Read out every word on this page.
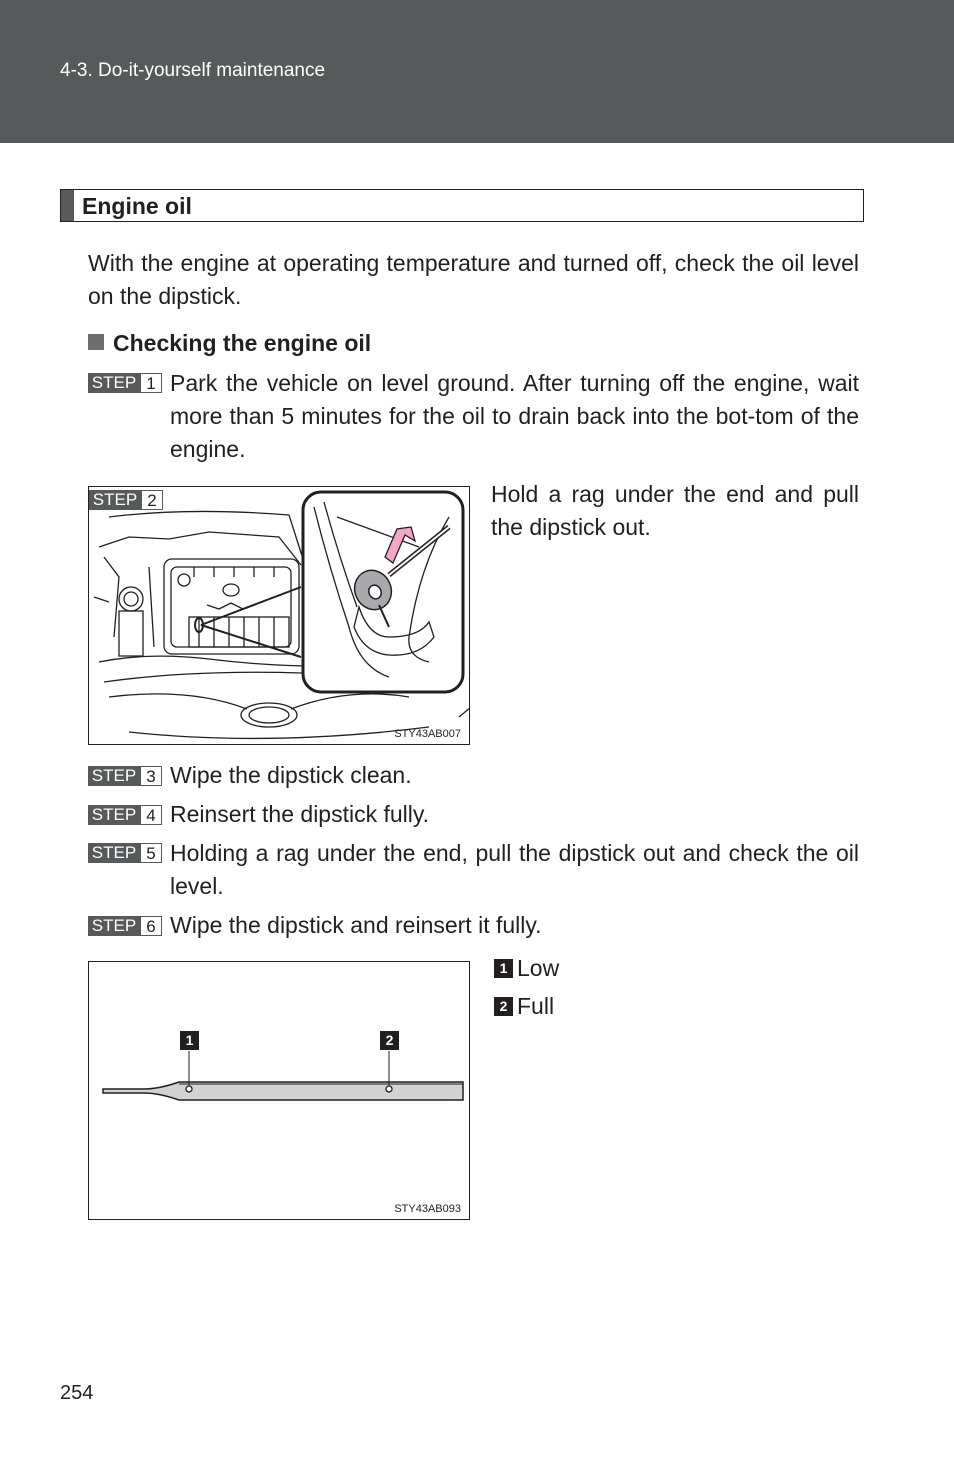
4-3. Do-it-yourself maintenance
Engine oil
With the engine at operating temperature and turned off, check the oil level on the dipstick.
Checking the engine oil
STEP 1 Park the vehicle on level ground. After turning off the engine, wait more than 5 minutes for the oil to drain back into the bot-tom of the engine.
STEP 2
STY43AB007
Hold a rag under the end and pull the dipstick out.
STEP 3 Wipe the dipstick clean.
STEP 4 Reinsert the dipstick fully.
STEP 5 Holding a rag under the end, pull the dipstick out and check the oil level.
STEP 6 Wipe the dipstick and reinsert it fully.
1	2
STY43AB093
1 Low
2 Full
254
